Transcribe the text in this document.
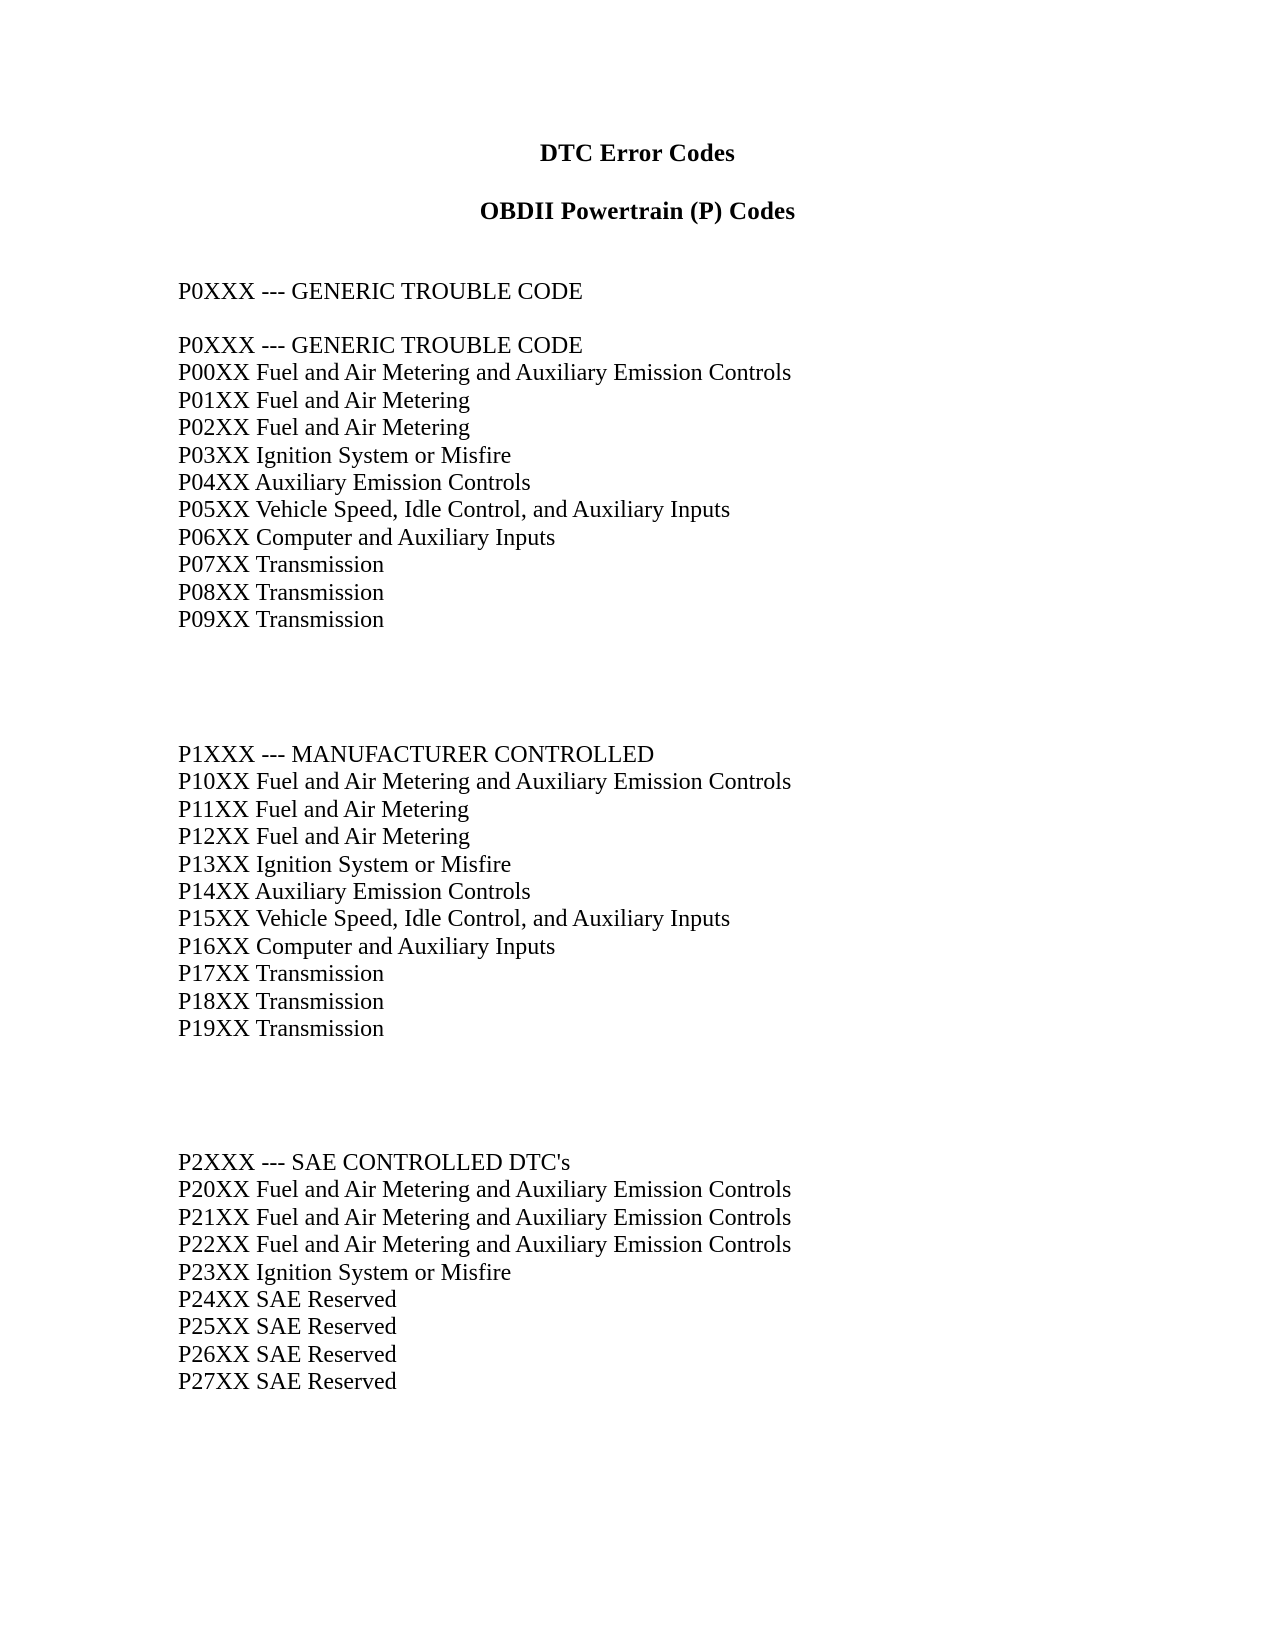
DTC Error Codes
OBDII Powertrain (P) Codes
P0XXX --- GENERIC TROUBLE CODE
P0XXX --- GENERIC TROUBLE CODE
P00XX Fuel and Air Metering and Auxiliary Emission Controls
P01XX Fuel and Air Metering
P02XX Fuel and Air Metering
P03XX Ignition System or Misfire
P04XX Auxiliary Emission Controls
P05XX Vehicle Speed, Idle Control, and Auxiliary Inputs
P06XX Computer and Auxiliary Inputs
P07XX Transmission
P08XX Transmission
P09XX Transmission
P1XXX --- MANUFACTURER CONTROLLED
P10XX Fuel and Air Metering and Auxiliary Emission Controls
P11XX Fuel and Air Metering
P12XX Fuel and Air Metering
P13XX Ignition System or Misfire
P14XX Auxiliary Emission Controls
P15XX Vehicle Speed, Idle Control, and Auxiliary Inputs
P16XX Computer and Auxiliary Inputs
P17XX Transmission
P18XX Transmission
P19XX Transmission
P2XXX --- SAE CONTROLLED DTC's
P20XX Fuel and Air Metering and Auxiliary Emission Controls
P21XX Fuel and Air Metering and Auxiliary Emission Controls
P22XX Fuel and Air Metering and Auxiliary Emission Controls
P23XX Ignition System or Misfire
P24XX SAE Reserved
P25XX SAE Reserved
P26XX SAE Reserved
P27XX SAE Reserved
